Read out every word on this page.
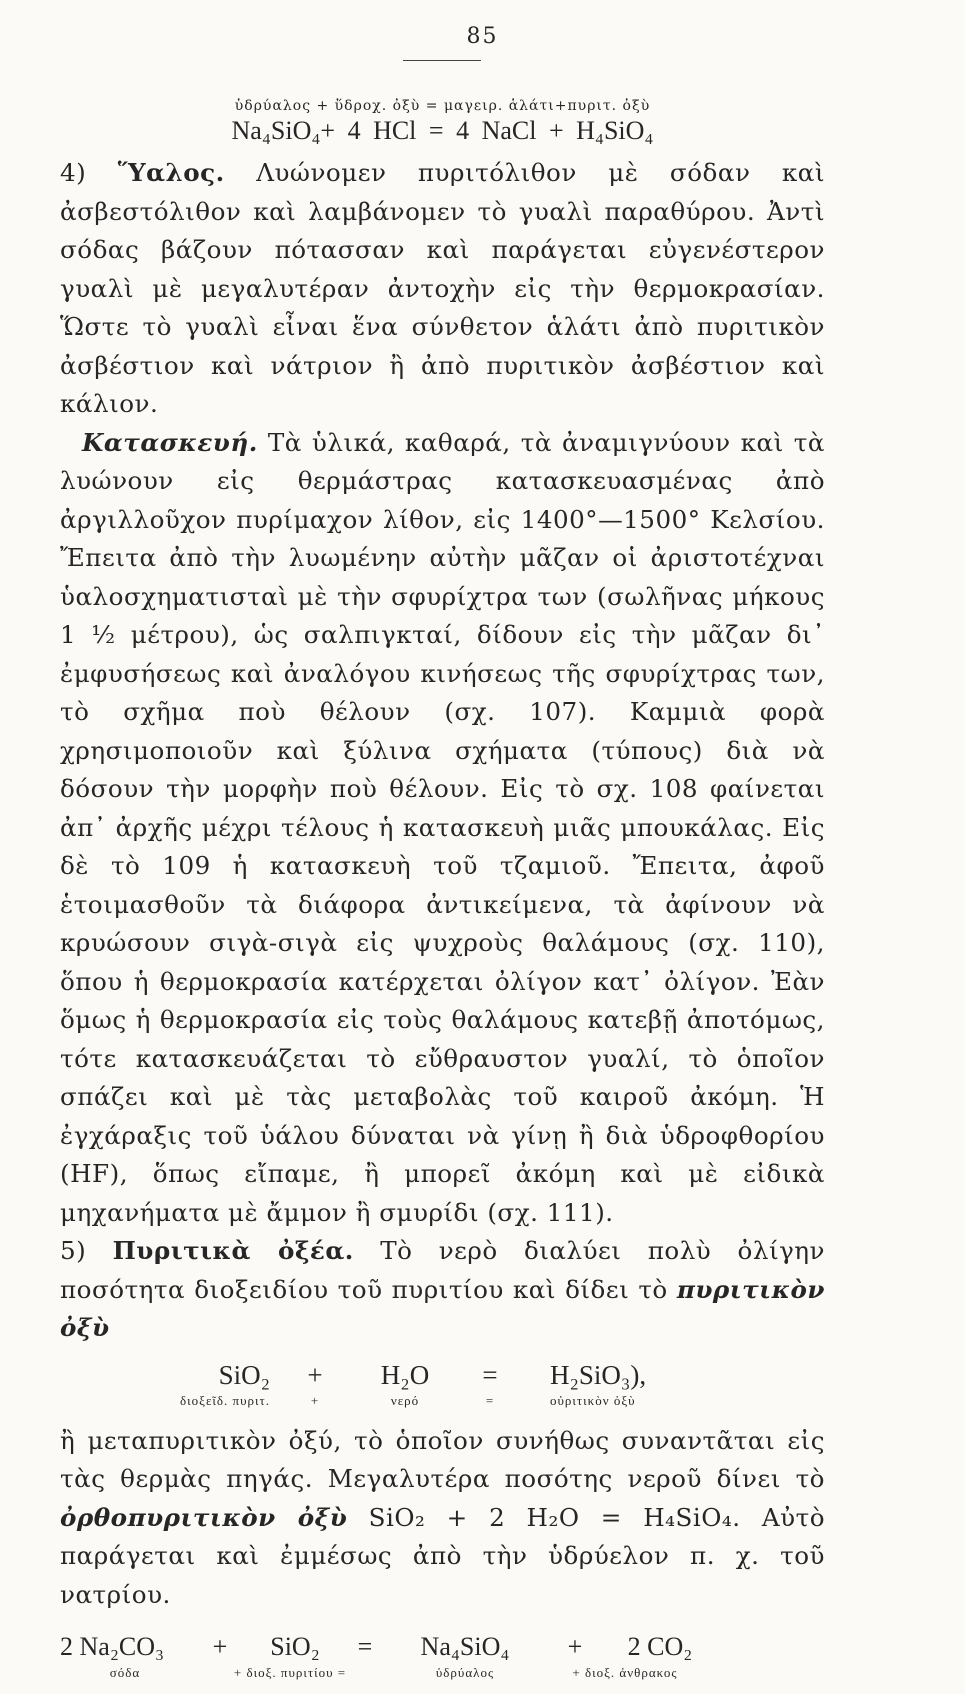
85
ὑδρύαλος + ὕδροχ. ὀξὺ = μαγειρ. ἁλάτι+πυριτ. ὀξὺ
Na₄SiO₄+ 4 HCl = 4 NaCl + H₄SiO₄

4) Ὕαλος. Λυώνομεν πυριτόλιθον μὲ σόδαν καὶ ἀσβεστόλιθον καὶ λαμβάνομεν τὸ γυαλὶ παραθύρου. Ἀντὶ σόδας βάζουν πότασσαν καὶ παράγεται εὐγενέστερον γυαλὶ μὲ μεγαλυτέραν ἀντοχὴν εἰς τὴν θερμοκρασίαν. Ὥστε τὸ γυαλὶ εἶναι ἕνα σύνθετον ἁλάτι ἀπὸ πυριτικὸν ἀσβέστιον καὶ νάτριον ἢ ἀπὸ πυριτικὸν ἀσβέστιον καὶ κάλιον.

Κατασκευή. Τὰ ὑλικά, καθαρά, τὰ ἀναμιγνύουν καὶ τὰ λυώνουν εἰς θερμάστρας κατασκευασμένας ἀπὸ ἀργιλλοῦχον πυρίμαχον λίθον, εἰς 1400°—1500° Κελσίου. Ἔπειτα ἀπὸ τὴν λυωμένην αὐτὴν μᾶζαν οἱ ἀριστοτέχναι ὑαλοσχηματισταὶ μὲ τὴν σφυρίχτρα των (σωλῆνας μήκους 1 ½ μέτρου), ὡς σαλπιγκταί, δίδουν εἰς τὴν μᾶζαν δι᾽ ἐμφυσήσεως καὶ ἀναλόγου κινήσεως τῆς σφυρίχτρας των, τὸ σχῆμα ποὺ θέλουν (σχ. 107). Καμμιὰ φορὰ χρησιμοποιοῦν καὶ ξύλινα σχήματα (τύπους) διὰ νὰ δόσουν τὴν μορφὴν ποὺ θέλουν. Εἰς τὸ σχ. 108 φαίνεται ἀπ᾽ ἀρχῆς μέχρι τέλους ἡ κατασκευὴ μιᾶς μπουκάλας. Εἰς δὲ τὸ 109 ἡ κατασκευὴ τοῦ τζαμιοῦ. Ἔπειτα, ἀφοῦ ἑτοιμασθοῦν τὰ διάφορα ἀντικείμενα, τὰ ἀφίνουν νὰ κρυώσουν σιγὰ-σιγὰ εἰς ψυχροὺς θαλάμους (σχ. 110), ὅπου ἡ θερμοκρασία κατέρχεται ὀλίγον κατ᾽ ὀλίγον. Ἐὰν ὅμως ἡ θερμοκρασία εἰς τοὺς θαλάμους κατεβῇ ἀποτόμως, τότε κατασκευάζεται τὸ εὔθραυστον γυαλί, τὸ ὁποῖον σπάζει καὶ μὲ τὰς μεταβολὰς τοῦ καιροῦ ἀκόμη. Ἡ ἐγχάραξις τοῦ ὑάλου δύναται νὰ γίνῃ ἢ διὰ ὑδροφθορίου (HF), ὅπως εἴπαμε, ἢ μπορεῖ ἀκόμη καὶ μὲ εἰδικὰ μηχανήματα μὲ ἄμμον ἢ σμυρίδι (σχ. 111).

5) Πυριτικὰ ὀξέα. Τὸ νερὸ διαλύει πολὺ ὀλίγην ποσότητα διοξειδίου τοῦ πυριτίου καὶ δίδει τὸ πυριτικὸν ὀξὺ

SiO₂	+	H₂O	=	H₂SiO₃),
διοξεῖδ. πυριτ.	+	νερό	=	οὐριτικὸν ὀξὺ

ἢ μεταπυριτικὸν ὀξύ, τὸ ὁποῖον συνήθως συναντᾶται εἰς τὰς θερμὰς πηγάς. Μεγαλυτέρα ποσότης νεροῦ δίνει τὸ ὀρθοπυριτικὸν ὀξὺ SiO₂ + 2 H₂O = H₄SiO₄. Αὐτὸ παράγεται καὶ ἐμμέσως ἀπὸ τὴν ὑδρύελον π. χ. τοῦ νατρίου.

2 Na₂CO₃	+	SiO₂	=	Na₄SiO₄	+	2 CO₂
σόδα	+ διοξ. πυριτίου =	ὑδρύαλος	+ διοξ. ἀνθρακος
